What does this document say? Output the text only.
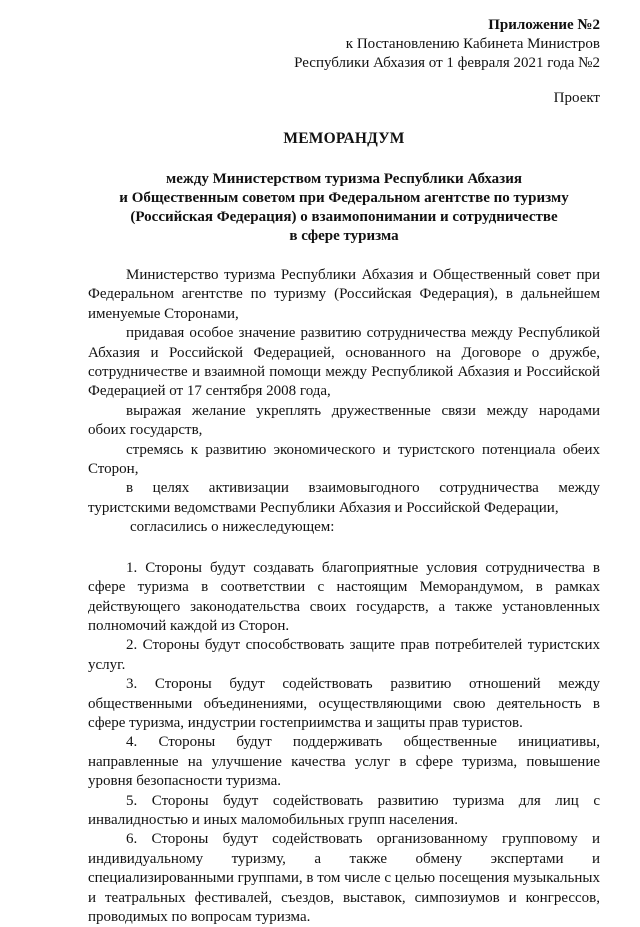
Приложение №2
к Постановлению Кабинета Министров
Республики Абхазия от 1 февраля 2021 года №2
Проект
МЕМОРАНДУМ
между Министерством туризма Республики Абхазия
и Общественным советом при Федеральном агентстве по туризму
(Российская Федерация) о взаимопонимании и сотрудничестве
в сфере туризма

Министерство туризма Республики Абхазия и Общественный совет при Федеральном агентстве по туризму (Российская Федерация), в дальнейшем именуемые Сторонами,

придавая особое значение развитию сотрудничества между Республикой Абхазия и Российской Федерацией, основанного на Договоре о дружбе, сотрудничестве и взаимной помощи между Республикой Абхазия и Российской Федерацией от 17 сентября 2008 года,

выражая желание укреплять дружественные связи между народами обоих государств,

стремясь к развитию экономического и туристского потенциала обеих Сторон,

в целях активизации взаимовыгодного сотрудничества между туристскими ведомствами Республики Абхазия и Российской Федерации,

согласились о нижеследующем:

1. Стороны будут создавать благоприятные условия сотрудничества в сфере туризма в соответствии с настоящим Меморандумом, в рамках действующего законодательства своих государств, а также установленных полномочий каждой из Сторон.

2. Стороны будут способствовать защите прав потребителей туристских услуг.

3. Стороны будут содействовать развитию отношений между общественными объединениями, осуществляющими свою деятельность в сфере туризма, индустрии гостеприимства и защиты прав туристов.

4. Стороны будут поддерживать общественные инициативы, направленные на улучшение качества услуг в сфере туризма, повышение уровня безопасности туризма.

5. Стороны будут содействовать развитию туризма для лиц с инвалидностью и иных маломобильных групп населения.

6. Стороны будут содействовать организованному групповому и индивидуальному туризму, а также обмену экспертами и специализированными группами, в том числе с целью посещения музыкальных и театральных фестивалей, съездов, выставок, симпозиумов и конгрессов, проводимых по вопросам туризма.
